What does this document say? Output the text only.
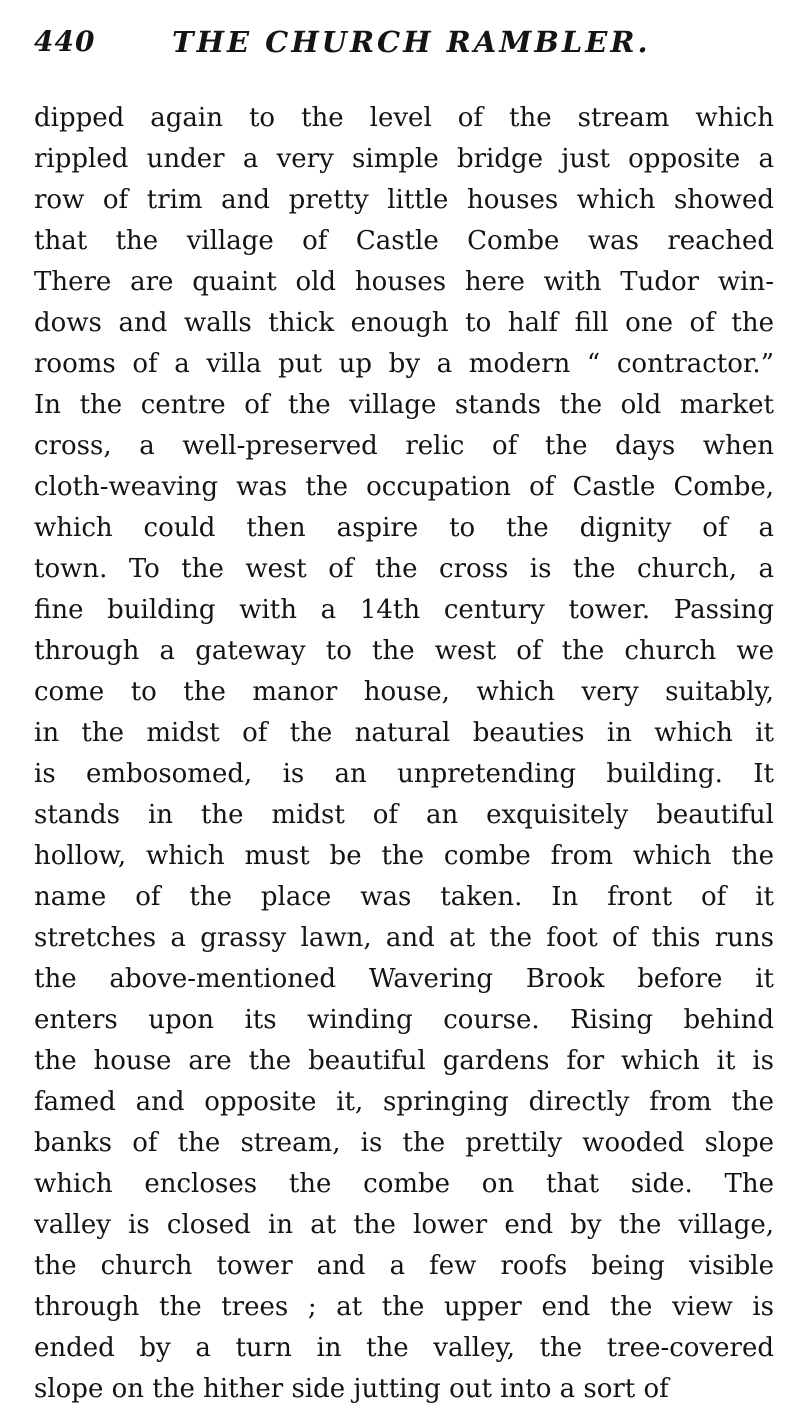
440	THE CHURCH RAMBLER.
dipped again to the level of the stream which
rippled under a very simple bridge just opposite a
row of trim and pretty little houses which showed
that the village of Castle Combe was reached
There are quaint old houses here with Tudor win-
dows and walls thick enough to half fill one of the
rooms of a villa put up by a modern “ contractor.”
In the centre of the village stands the old market
cross, a well-preserved relic of the days when
cloth-weaving was the occupation of Castle Combe,
which could then aspire to the dignity of a
town. To the west of the cross is the church, a
fine building with a 14th century tower. Passing
through a gateway to the west of the church we
come to the manor house, which very suitably,
in the midst of the natural beauties in which it
is embosomed, is an unpretending building. It
stands in the midst of an exquisitely beautiful
hollow, which must be the combe from which the
name of the place was taken. In front of it
stretches a grassy lawn, and at the foot of this runs
the above-mentioned Wavering Brook before it
enters upon its winding course. Rising behind
the house are the beautiful gardens for which it is
famed and opposite it, springing directly from the
banks of the stream, is the prettily wooded slope
which encloses the combe on that side. The
valley is closed in at the lower end by the village,
the church tower and a few roofs being visible
through the trees ; at the upper end the view is
ended by a turn in the valley, the tree-covered
slope on the hither side jutting out into a sort of
